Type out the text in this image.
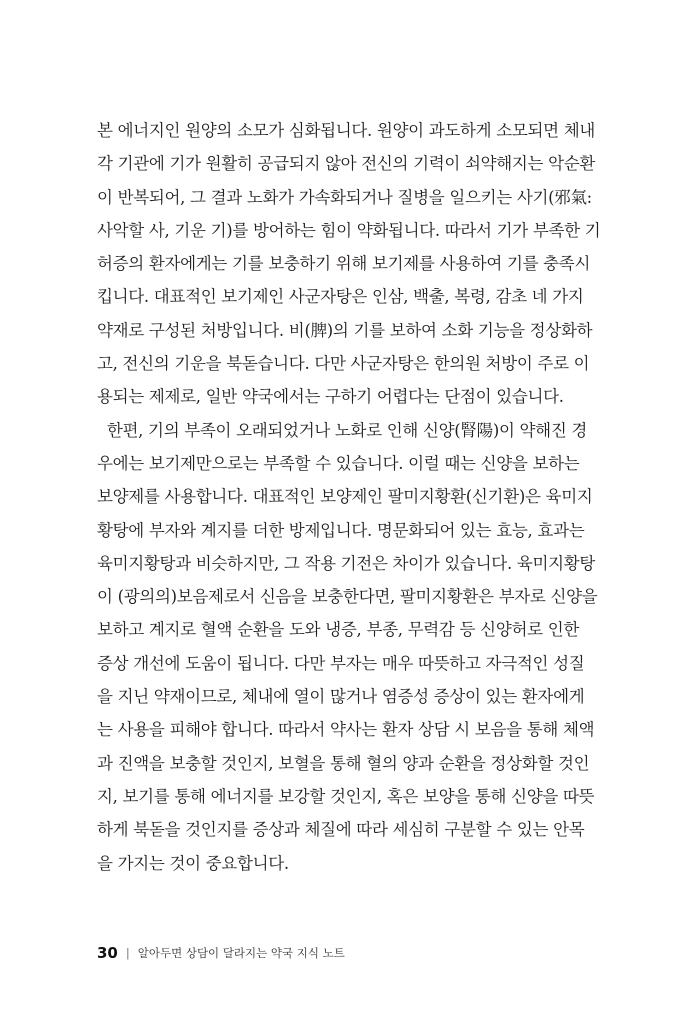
본 에너지인 원양의 소모가 심화됩니다. 원양이 과도하게 소모되면 체내
각 기관에 기가 원활히 공급되지 않아 전신의 기력이 쇠약해지는 악순환
이 반복되어, 그 결과 노화가 가속화되거나 질병을 일으키는 사기(邪氣:
사악할 사, 기운 기)를 방어하는 힘이 약화됩니다. 따라서 기가 부족한 기
허증의 환자에게는 기를 보충하기 위해 보기제를 사용하여 기를 충족시
킵니다. 대표적인 보기제인 사군자탕은 인삼, 백출, 복령, 감초 네 가지
약재로 구성된 처방입니다. 비(脾)의 기를 보하여 소화 기능을 정상화하
고, 전신의 기운을 북돋습니다. 다만 사군자탕은 한의원 처방이 주로 이
용되는 제제로, 일반 약국에서는 구하기 어렵다는 단점이 있습니다.
한편, 기의 부족이 오래되었거나 노화로 인해 신양(腎陽)이 약해진 경
우에는 보기제만으로는 부족할 수 있습니다. 이럴 때는 신양을 보하는
보양제를 사용합니다. 대표적인 보양제인 팔미지황환(신기환)은 육미지
황탕에 부자와 계지를 더한 방제입니다. 명문화되어 있는 효능, 효과는
육미지황탕과 비슷하지만, 그 작용 기전은 차이가 있습니다. 육미지황탕
이 (광의의)보음제로서 신음을 보충한다면, 팔미지황환은 부자로 신양을
보하고 계지로 혈액 순환을 도와 냉증, 부종, 무력감 등 신양허로 인한
증상 개선에 도움이 됩니다. 다만 부자는 매우 따뜻하고 자극적인 성질
을 지닌 약재이므로, 체내에 열이 많거나 염증성 증상이 있는 환자에게
는 사용을 피해야 합니다. 따라서 약사는 환자 상담 시 보음을 통해 체액
과 진액을 보충할 것인지, 보혈을 통해 혈의 양과 순환을 정상화할 것인
지, 보기를 통해 에너지를 보강할 것인지, 혹은 보양을 통해 신양을 따뜻
하게 북돋을 것인지를 증상과 체질에 따라 세심히 구분할 수 있는 안목
을 가지는 것이 중요합니다.
30 | 알아두면 상담이 달라지는 약국 지식 노트
